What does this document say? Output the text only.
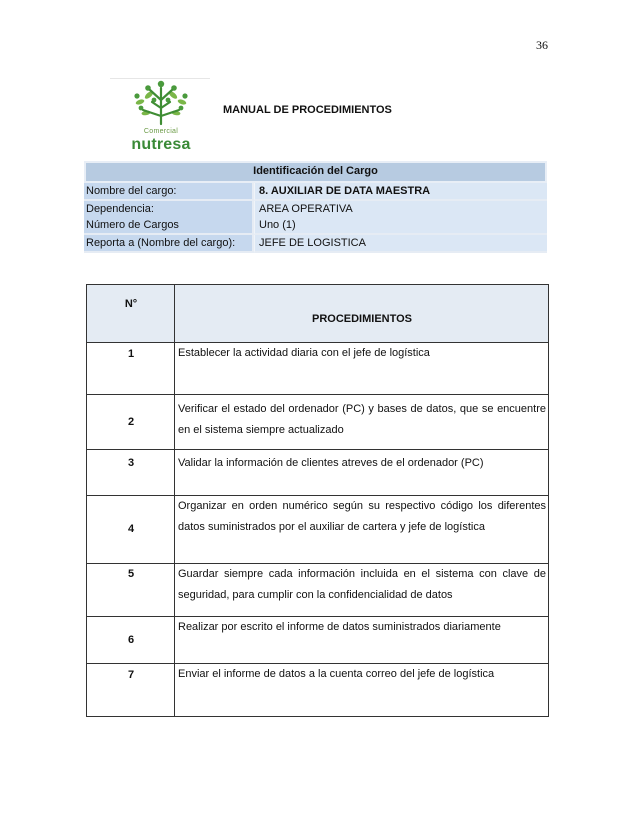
36
Comercial
nutresa
MANUAL DE PROCEDIMIENTOS
Identificación del Cargo	
Nombre del cargo:	8. AUXILIAR DE DATA MAESTRA
Dependencia:	AREA OPERATIVA
Número de Cargos	Uno (1)
Reporta a (Nombre del cargo):	JEFE DE LOGISTICA
N°	PROCEDIMIENTOS
1	Establecer la actividad diaria con el jefe de logística
2	Verificar el estado del ordenador (PC) y bases de datos, que se encuentre en el sistema siempre actualizado
3	Validar la información de clientes atreves de el ordenador (PC)
4	Organizar en orden numérico según su respectivo código los diferentes datos suministrados por el auxiliar de cartera y jefe de logística
5	Guardar siempre cada información incluida en el sistema con clave de seguridad, para cumplir con la confidencialidad de datos
6	Realizar por escrito el informe de datos suministrados diariamente
7	Enviar el informe de datos a la cuenta correo del jefe de logística
